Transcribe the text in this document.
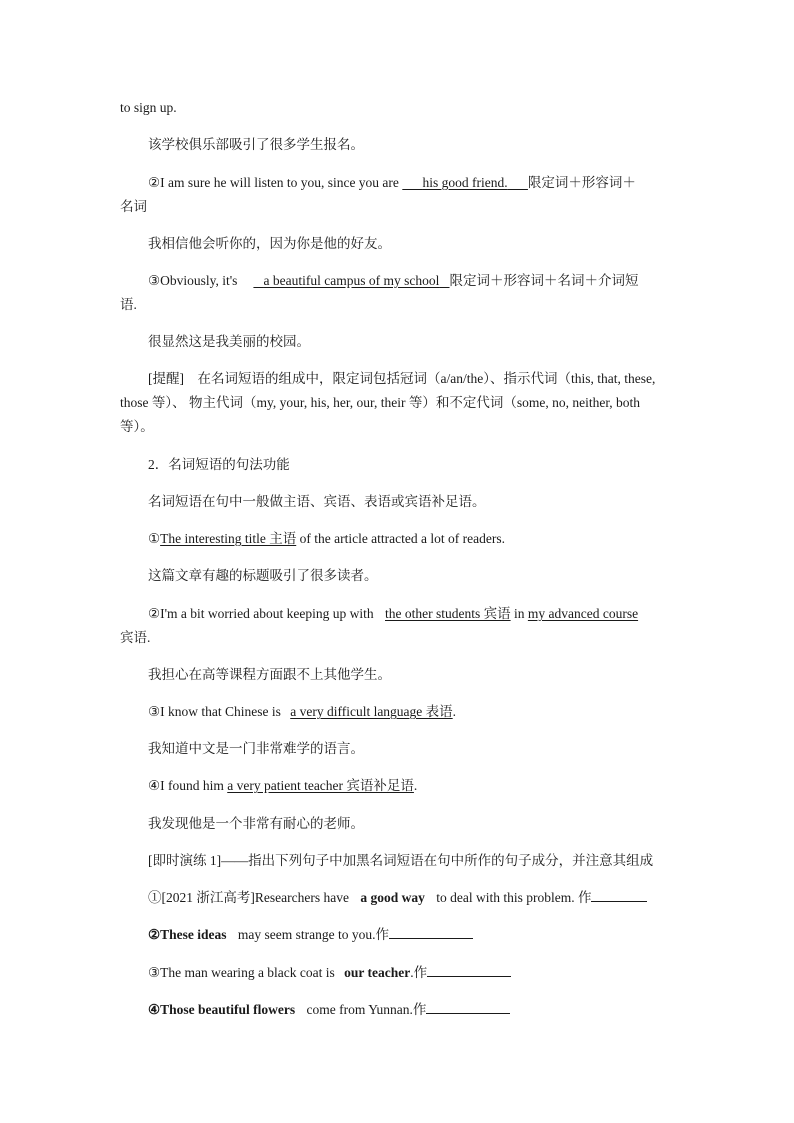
to sign up.
该学校俱乐部吸引了很多学生报名。
②I am sure he will listen to you, since you are       his good friend. 限定词＋形容词＋
名词
我相信他会听你的，因为你是他的好友。
③Obviously, it's a beautiful campus of my school 限定词＋形容词＋名词＋介词短
语.
很显然这是我美丽的校园。
[提醒]　在名词短语的组成中，限定词包括冠词（a/an/the）、指示代词（this, that, these,
those 等）、 物主代词（my, your, his, her, our, their 等）和不定代词（some, no, neither, both
等）。
2．名词短语的句法功能
名词短语在句中一般做主语、宾语、表语或宾语补足语。
①The interesting title 主语 of the article attracted a lot of readers.
这篇文章有趣的标题吸引了很多读者。
②I'm a bit worried about keeping up with the other students 宾语 in my advanced course
宾语.
我担心在高等课程方面跟不上其他学生。
③I know that Chinese is a very difficult language 表语.
我知道中文是一门非常难学的语言。
④I found him a very patient teacher 宾语补足语.
我发现他是一个非常有耐心的老师。
[即时演练 1]——指出下列句子中加黑名词短语在句中所作的句子成分，并注意其组成
①[2021 浙江高考]Researchers have a good way to deal with this problem. 作
②These ideas may seem strange to you.作
③The man wearing a black coat is our teacher.作
④Those beautiful flowers come from Yunnan.作
